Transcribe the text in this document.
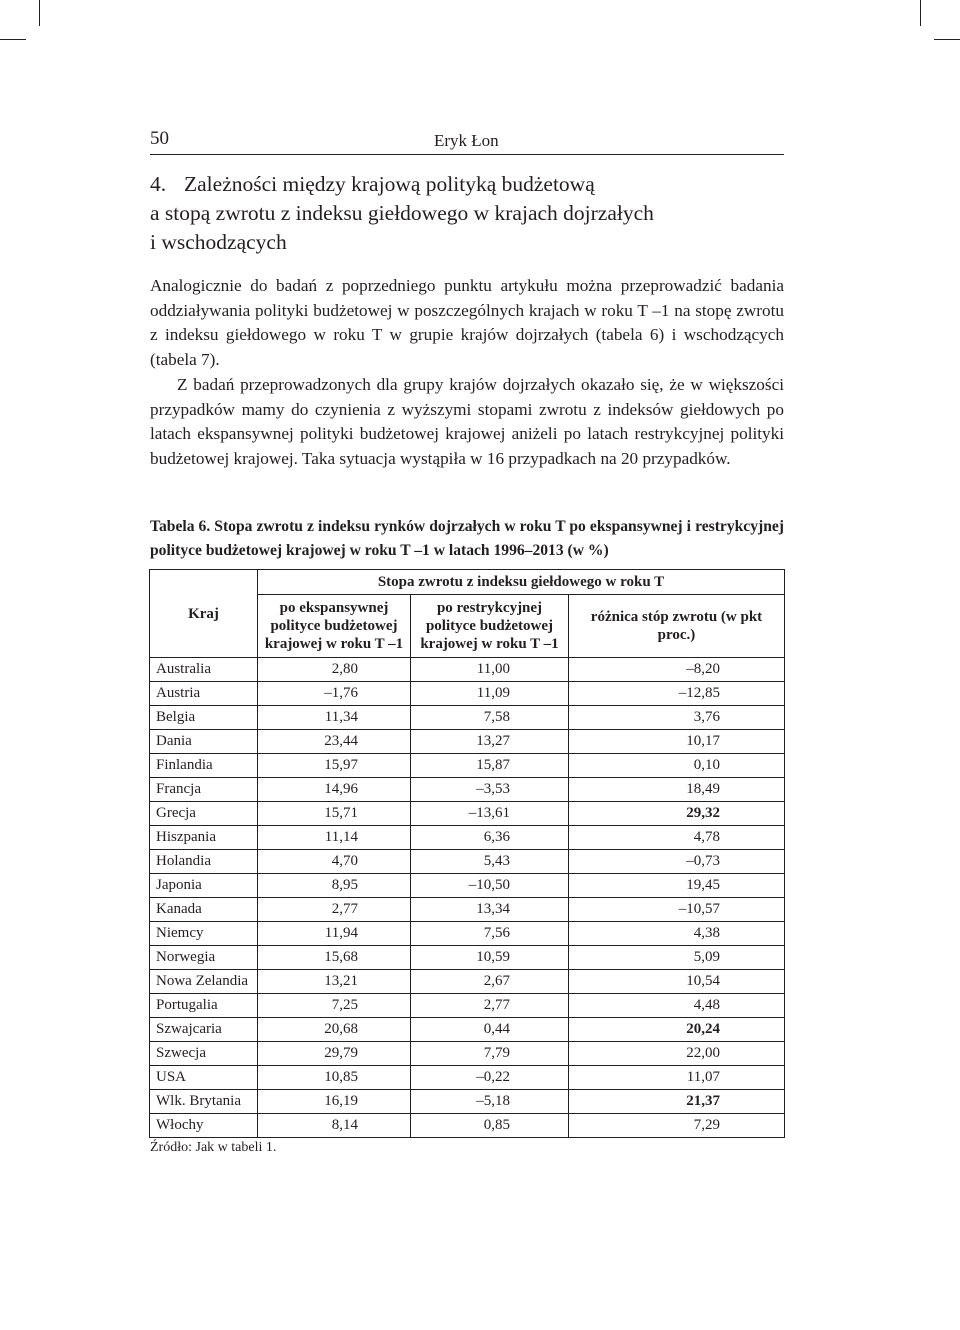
50	Eryk Łon
4. Zależności między krajową polityką budżetową
a stopą zwrotu z indeksu giełdowego w krajach dojrzałych
i wschodzących
Analogicznie do badań z poprzedniego punktu artykułu można przeprowadzić badania oddziaływania polityki budżetowej w poszczególnych krajach w roku T –1 na stopę zwrotu z indeksu giełdowego w roku T w grupie krajów dojrzałych (tabela 6) i wschodzących (tabela 7).
Z badań przeprowadzonych dla grupy krajów dojrzałych okazało się, że w większości przypadków mamy do czynienia z wyższymi stopami zwrotu z indeksów giełdowych po latach ekspansywnej polityki budżetowej krajowej aniżeli po latach restrykcyjnej polityki budżetowej krajowej. Taka sytuacja wystąpiła w 16 przypadkach na 20 przypadków.
Tabela 6. Stopa zwrotu z indeksu rynków dojrzałych w roku T po ekspansywnej i restrykcyjnej polityce budżetowej krajowej w roku T –1 w latach 1996–2013 (w %)
Kraj	Stopa zwrotu z indeksu giełdowego w roku T		
	po ekspansywnej polityce budżetowej krajowej w roku T –1	po restrykcyjnej polityce budżetowej krajowej w roku T –1	różnica stóp zwrotu (w pkt proc.)
Australia	2,80	11,00	–8,20
Austria	–1,76	11,09	–12,85
Belgia	11,34	7,58	3,76
Dania	23,44	13,27	10,17
Finlandia	15,97	15,87	0,10
Francja	14,96	–3,53	18,49
Grecja	15,71	–13,61	29,32
Hiszpania	11,14	6,36	4,78
Holandia	4,70	5,43	–0,73
Japonia	8,95	–10,50	19,45
Kanada	2,77	13,34	–10,57
Niemcy	11,94	7,56	4,38
Norwegia	15,68	10,59	5,09
Nowa Zelandia	13,21	2,67	10,54
Portugalia	7,25	2,77	4,48
Szwajcaria	20,68	0,44	20,24
Szwecja	29,79	7,79	22,00
USA	10,85	–0,22	11,07
Wlk. Brytania	16,19	–5,18	21,37
Włochy	8,14	0,85	7,29
Źródło: Jak w tabeli 1.
